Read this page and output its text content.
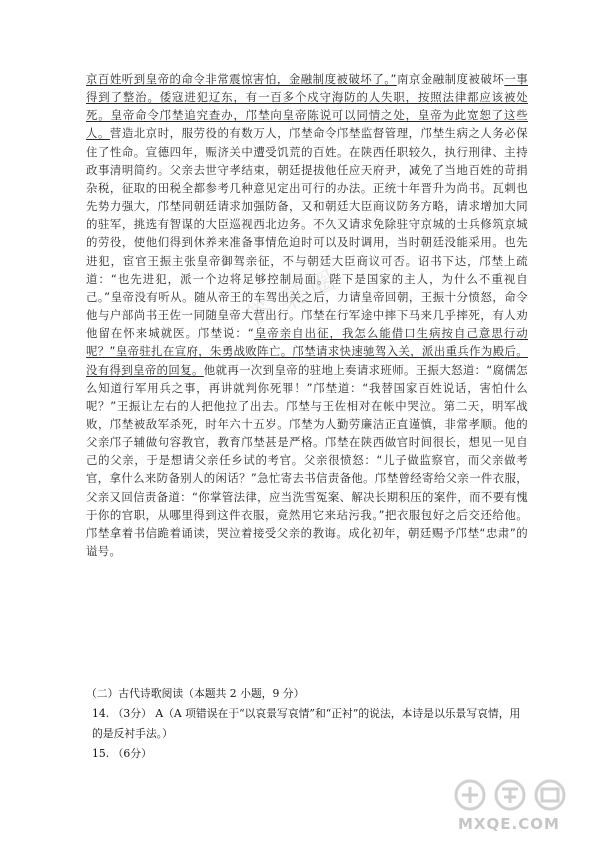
京百姓听到皇帝的命令非常震惊害怕，金融制度被破坏了。”南京金融制度被破坏一事得到了整治。倭寇进犯辽东，有一百多个戍守海防的人失职，按照法律都应该被处死。皇帝命令邝埜追究查办，邝埜向皇帝陈说可以同情之处，皇帝为此宽恕了这些人。营造北京时，服劳役的有数万人，邝埜命令邝埜监督管理，邝埜生病之人务必保住了性命。宣德四年，赈济关中遭受饥荒的百姓。在陕西任职较久，执行刑律、主持政事清明简约。父亲去世守孝结束，朝廷提拔他任应天府尹，减免了当地百姓的苛捐杂税，征取的田税全都参考几种意见定出可行的办法。正统十年晋升为尚书。瓦剌也先势力强大，邝埜同朝廷请求加强防备，又和朝廷大臣商议防务方略，请求增加大同的驻军，挑选有智谋的大臣巡视西北边务。不久又请求免除驻守京城的士兵修筑京城的劳役，使他们得到休养来准备事情危迫时可以及时调用，当时朝廷没能采用。也先进犯，宦官王振主张皇帝御驾亲征，不与朝廷大臣商议可否。诏书下达，邝埜上疏道：“也先进犯，派一个边将足够控制局面。陛下是国家的主人，为什么不重视自己。”皇帝没有听从。随从帝王的车驾出关之后，力请皇帝回朝，王振十分愤怒，命令他与户部尚书王佐一同随皇帝大营出行。邝埜在行军途中摔下马来几乎摔死，有人劝他留在怀来城就医。邝埜说：“皇帝亲自出征，我怎么能借口生病按自己意思行动呢？”皇帝驻扎在宣府，朱勇战败阵亡。邝埜请求快速驰驾入关，派出重兵作为殿后。没有得到皇帝的回复。他就再一次到皇帝的驻地上奏请求班师。王振大怒道：“腐儒怎么知道行军用兵之事，再讲就判你死罪！”邝埜道：“我替国家百姓说话，害怕什么呢？”王振让左右的人把他拉了出去。邝埜与王佐相对在帐中哭泣。第二天，明军战败，邝埜被敌军杀死，时年六十五岁。邝埜为人勤劳廉洁正直谨慎，非常孝顺。他的父亲邝子辅做句容教官，教育邝埜甚是严格。邝埜在陕西做官时间很长，想见一见自己的父亲，于是想请父亲任乡试的考官。父亲很愤怒：“儿子做监察官，而父亲做考官，拿什么来防备别人的闲话？”急忙寄去书信责备他。邝埜曾经寄给父亲一件衣服，父亲又回信责备道：“你掌管法律，应当洗雪冤案、解决长期积压的案件，而不要有愧于你的官职，从哪里得到这件衣服，竟然用它来玷污我。”把衣服包好之后交还给他。邝埜拿着书信跪着诵读，哭泣着接受父亲的教诲。成化初年，朝廷赐予邝埜“忠肃”的谥号。

（二）古代诗歌阅读（本题共 2 小题，9 分）

14. （3分） A（A 项错误在于“以哀景写哀情”和“正衬”的说法，本诗是以乐景写哀情，用的是反衬手法。）

15. （6分）

答案圈
MXQE.COM
